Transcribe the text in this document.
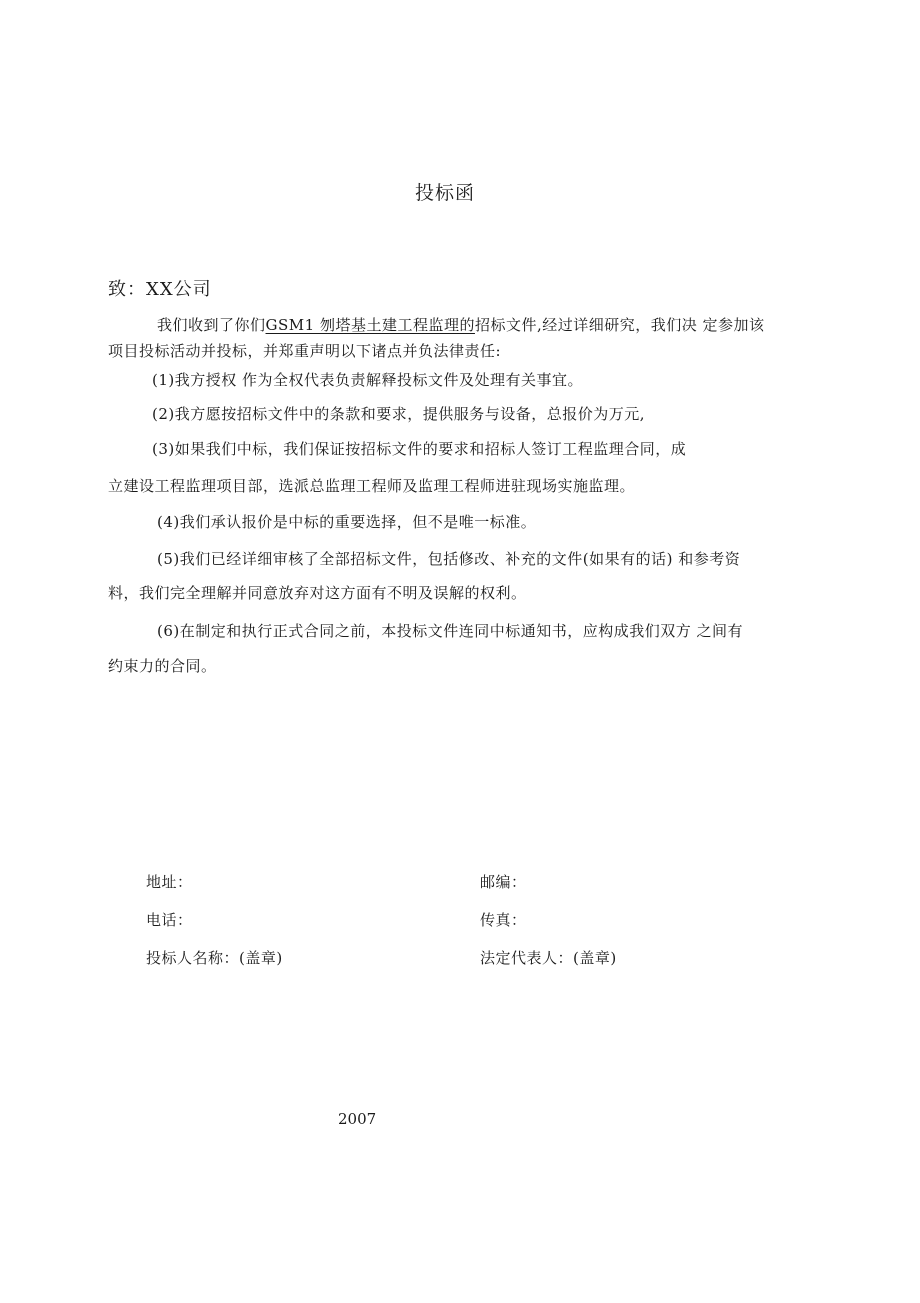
投标函
致：XX公司
我们收到了你们GSM1 刎塔基土建工程监理的招标文件,经过详细研究，我们决 定参加该
项目投标活动并投标，并郑重声明以下诸点并负法律责任:
(1)我方授权 作为全权代表负责解释投标文件及处理有关事宜。
(2)我方愿按招标文件中的条款和要求，提供服务与设备，总报价为万元,
(3)如果我们中标，我们保证按招标文件的要求和招标人签订工程监理合同，成
立建设工程监理项目部，选派总监理工程师及监理工程师进驻现场实施监理。
(4)我们承认报价是中标的重要选择，但不是唯一标准。
(5)我们已经详细审核了全部招标文件，包括修改、补充的文件(如果有的话) 和参考资
料，我们完全理解并同意放弃对这方面有不明及误解的权利。
(6)在制定和执行正式合同之前，本投标文件连同中标通知书，应构成我们双方 之间有
约束力的合同。
地址：	邮编：
电话：	传真：
投标人名称：(盖章)	法定代表人：(盖章)
2007
